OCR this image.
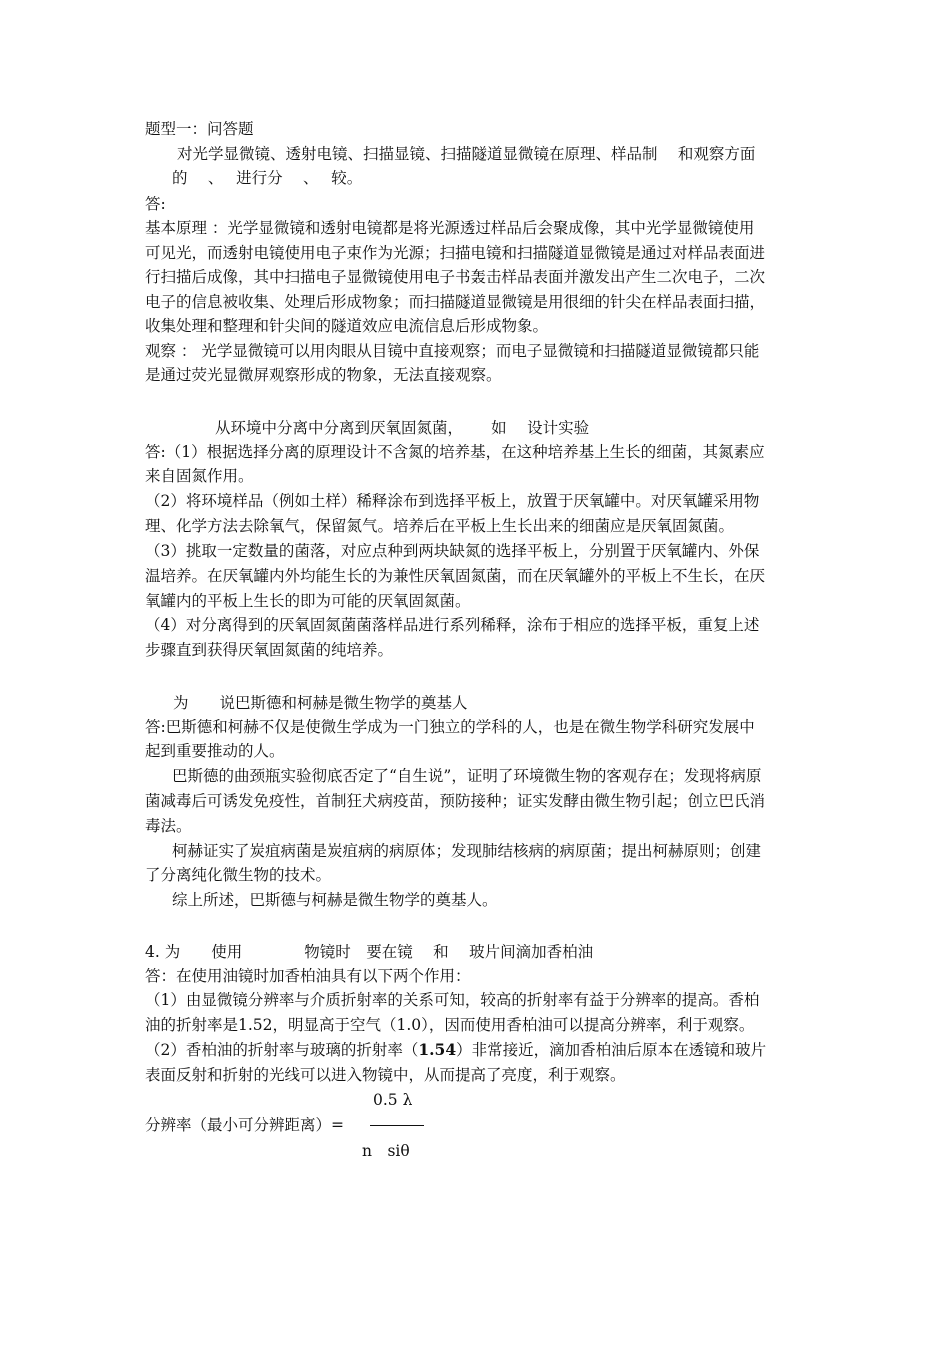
题型一：问答题
对光学显微镜、透射电镜、扫描显镜、扫描隧道显微镜在原理、样品制　 和观察方面
的　 、　 进行分　 、　 较。
答:
基本原理 ：光学显微镜和透射电镜都是将光源透过样品后会聚成像，其中光学显微镜使用
可见光，而透射电镜使用电子束作为光源；扫描电镜和扫描隧道显微镜是通过对样品表面进
行扫描后成像，其中扫描电子显微镜使用电子书轰击样品表面并激发出产生二次电子，二次
电子的信息被收集、处理后形成物象；而扫描隧道显微镜是用很细的针尖在样品表面扫描，
收集处理和整理和针尖间的隧道效应电流信息后形成物象。
观察 ： 光学显微镜可以用肉眼从目镜中直接观察；而电子显微镜和扫描隧道显微镜都只能
是通过荧光显微屏观察形成的物象，无法直接观察。
从环境中分离中分离到厌氧固氮菌，　　 如　 设计实验
答:（1）根据选择分离的原理设计不含氮的培养基，在这种培养基上生长的细菌，其氮素应
来自固氮作用。
（2）将环境样品（例如土样）稀释涂布到选择平板上，放置于厌氧罐中。对厌氧罐采用物
理、化学方法去除氧气，保留氮气。培养后在平板上生长出来的细菌应是厌氧固氮菌。
（3）挑取一定数量的菌落，对应点种到两块缺氮的选择平板上，分别置于厌氧罐内、外保
温培养。在厌氧罐内外均能生长的为兼性厌氧固氮菌，而在厌氧罐外的平板上不生长，在厌
氧罐内的平板上生长的即为可能的厌氧固氮菌。
（4）对分离得到的厌氧固氮菌菌落样品进行系列稀释，涂布于相应的选择平板，重复上述
步骤直到获得厌氧固氮菌的纯培养。
为　　说巴斯德和柯赫是微生物学的奠基人
答:巴斯德和柯赫不仅是使微生学成为一门独立的学科的人，也是在微生物学科研究发展中
起到重要推动的人。
巴斯德的曲颈瓶实验彻底否定了“自生说”，证明了环境微生物的客观存在；发现将病原
菌减毒后可诱发免疫性，首制狂犬病疫苗，预防接种；证实发酵由微生物引起；创立巴氏消
毒法。
柯赫证实了炭疽病菌是炭疽病的病原体；发现肺结核病的病原菌；提出柯赫原则；创建
了分离纯化微生物的技术。
综上所述，巴斯德与柯赫是微生物学的奠基人。
4. 为　　使用　　　　物镜时　要在镜　 和　 玻片间滴加香柏油
答：在使用油镜时加香柏油具有以下两个作用：
（1）由显微镜分辨率与介质折射率的关系可知，较高的折射率有益于分辨率的提高。香柏
油的折射率是1.52，明显高于空气（1.0），因而使用香柏油可以提高分辨率，利于观察。
（2）香柏油的折射率与玻璃的折射率（1.54）非常接近，滴加香柏油后原本在透镜和玻片
表面反射和折射的光线可以进入物镜中，从而提高了亮度，利于观察。
0.5 λ
分辨率（最小可分辨距离）=
n　siθ
